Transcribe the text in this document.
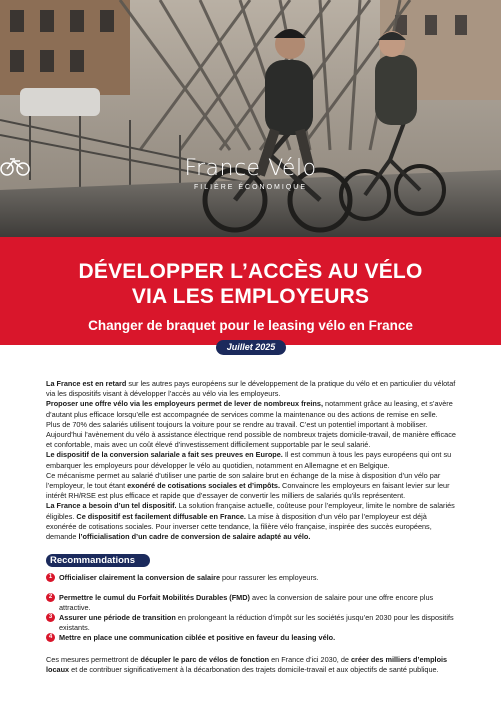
France Vélo
FILIÈRE ÉCONOMIQUE
DÉVELOPPER L’ACCÈS AU VÉLO
VIA LES EMPLOYEURS
Changer de braquet pour le leasing vélo en France
Juillet 2025

La France est en retard sur les autres pays européens sur le développement de la pratique du vélo et en particulier du vélotaf via les dispositifs visant à développer l’accès au vélo via les employeurs.

Proposer une offre vélo via les employeurs permet de lever de nombreux freins, notamment grâce au leasing, et s’avère d’autant plus efficace lorsqu’elle est accompagnée de services comme la maintenance ou des actions de remise en selle.

Plus de 70% des salariés utilisent toujours la voiture pour se rendre au travail. C’est un potentiel important à mobiliser. Aujourd’hui l’avènement du vélo à assistance électrique rend possible de nombreux trajets domicile-travail, de manière efficace et confortable, mais avec un coût élevé d’investissement difficilement supportable par le seul salarié.

Le dispositif de la conversion salariale a fait ses preuves en Europe. Il est commun à tous les pays européens qui ont su embarquer les employeurs pour développer le vélo au quotidien, notamment en Allemagne et en Belgique.

Ce mécanisme permet au salarié d’utiliser une partie de son salaire brut en échange de la mise à disposition d’un vélo par l’employeur, le tout étant exonéré de cotisations sociales et d’impôts. Convaincre les employeurs en faisant levier sur leur intérêt RH/RSE est plus efficace et rapide que d’essayer de convertir les milliers de salariés qu’ils représentent.

La France a besoin d’un tel dispositif. La solution française actuelle, coûteuse pour l’employeur, limite le nombre de salariés éligibles. Ce dispositif est facilement diffusable en France. La mise à disposition d’un vélo par l’employeur est déjà exonérée de cotisations sociales. Pour inverser cette tendance, la filière vélo française, inspirée des succès européens, demande l’officialisation d’un cadre de conversion de salaire adapté au vélo.

Recommandations
1 Officialiser clairement la conversion de salaire pour rassurer les employeurs.
2 Permettre le cumul du Forfait Mobilités Durables (FMD) avec la conversion de salaire pour une offre encore plus attractive.
3 Assurer une période de transition en prolongeant la réduction d’impôt sur les sociétés jusqu’en 2030 pour les dispositifs existants.
4 Mettre en place une communication ciblée et positive en faveur du leasing vélo.
Ces mesures permettront de décupler le parc de vélos de fonction en France d’ici 2030, de créer des milliers d’emplois locaux et de contribuer significativement à la décarbonation des trajets domicile-travail et aux objectifs de santé publique.
